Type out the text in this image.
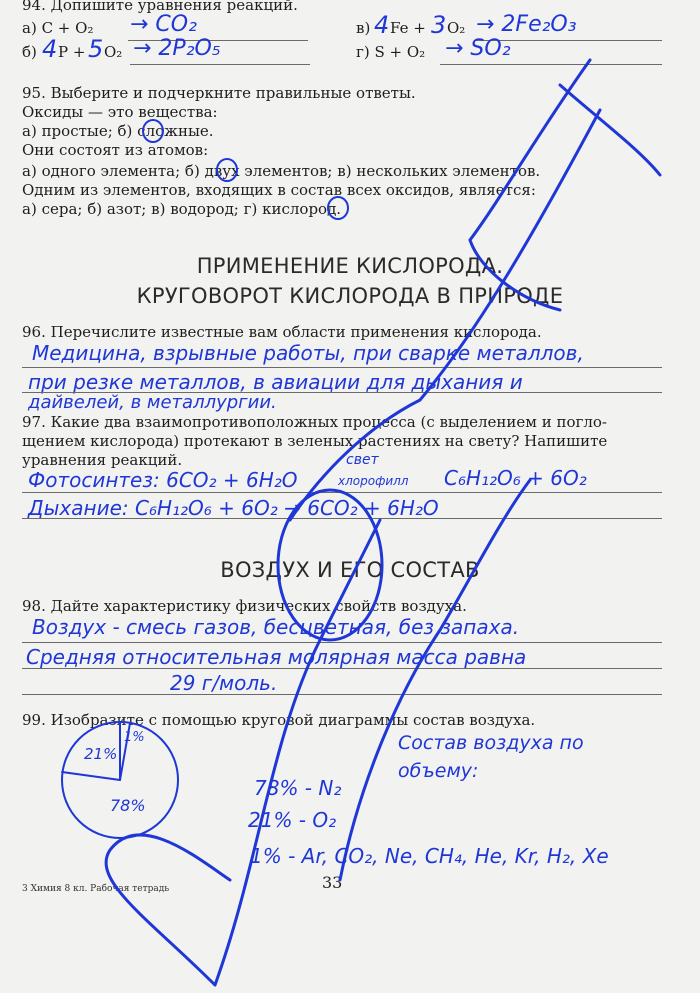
94. Допишите уравнения реакций.
а) C + O₂ → CO₂	в) 4 Fe + 3 O₂ → 2Fe₂O₃
б) 4 P + 5 O₂ → 2P₂O₅	г) S + O₂ → SO₂
95. Выберите и подчеркните правильные ответы.
Оксиды — это вещества:
а) простые; б) сложные.
Они состоят из атомов:
а) одного элемента; б) двух элементов; в) нескольких элементов.
Одним из элементов, входящих в состав всех оксидов, является:
а) сера; б) азот; в) водород; г) кислород.
ПРИМЕНЕНИЕ КИСЛОРОДА.
КРУГОВОРОТ КИСЛОРОДА В ПРИРОДЕ
96. Перечислите известные вам области применения кислорода.
Медицина, взрывные работы, при сварке металлов,
при резке металлов, в авиации для дыхания и
дайвелей, в металлургии.
97. Какие два взаимопротивоположных процесса (с выделением и погло-
щением кислорода) протекают в зеленых растениях на свету? Напишите
уравнения реакций.	свет
Фотосинтез: 6CO₂ + 6H₂O	хлорофилл C₆H₁₂O₆ + 6O₂
Дыхание: C₆H₁₂O₆ + 6O₂ → 6CO₂ + 6H₂O
ВОЗДУХ И ЕГО СОСТАВ
98. Дайте характеристику физических свойств воздуха.
Воздух - смесь газов, бесцветная, без запаха.
Средняя относительная молярная масса равна
29 г/моль.
99. Изобразите с помощью круговой диаграммы состав воздуха.
Состав воздуха по
объему:
78% - N₂
21% - O₂
1% - Ar, CO₂, Ne, CH₄, He, Kr, H₂, Xe
21%
1%
78%
3 Химия 8 кл. Рабочая тетрадь	33
